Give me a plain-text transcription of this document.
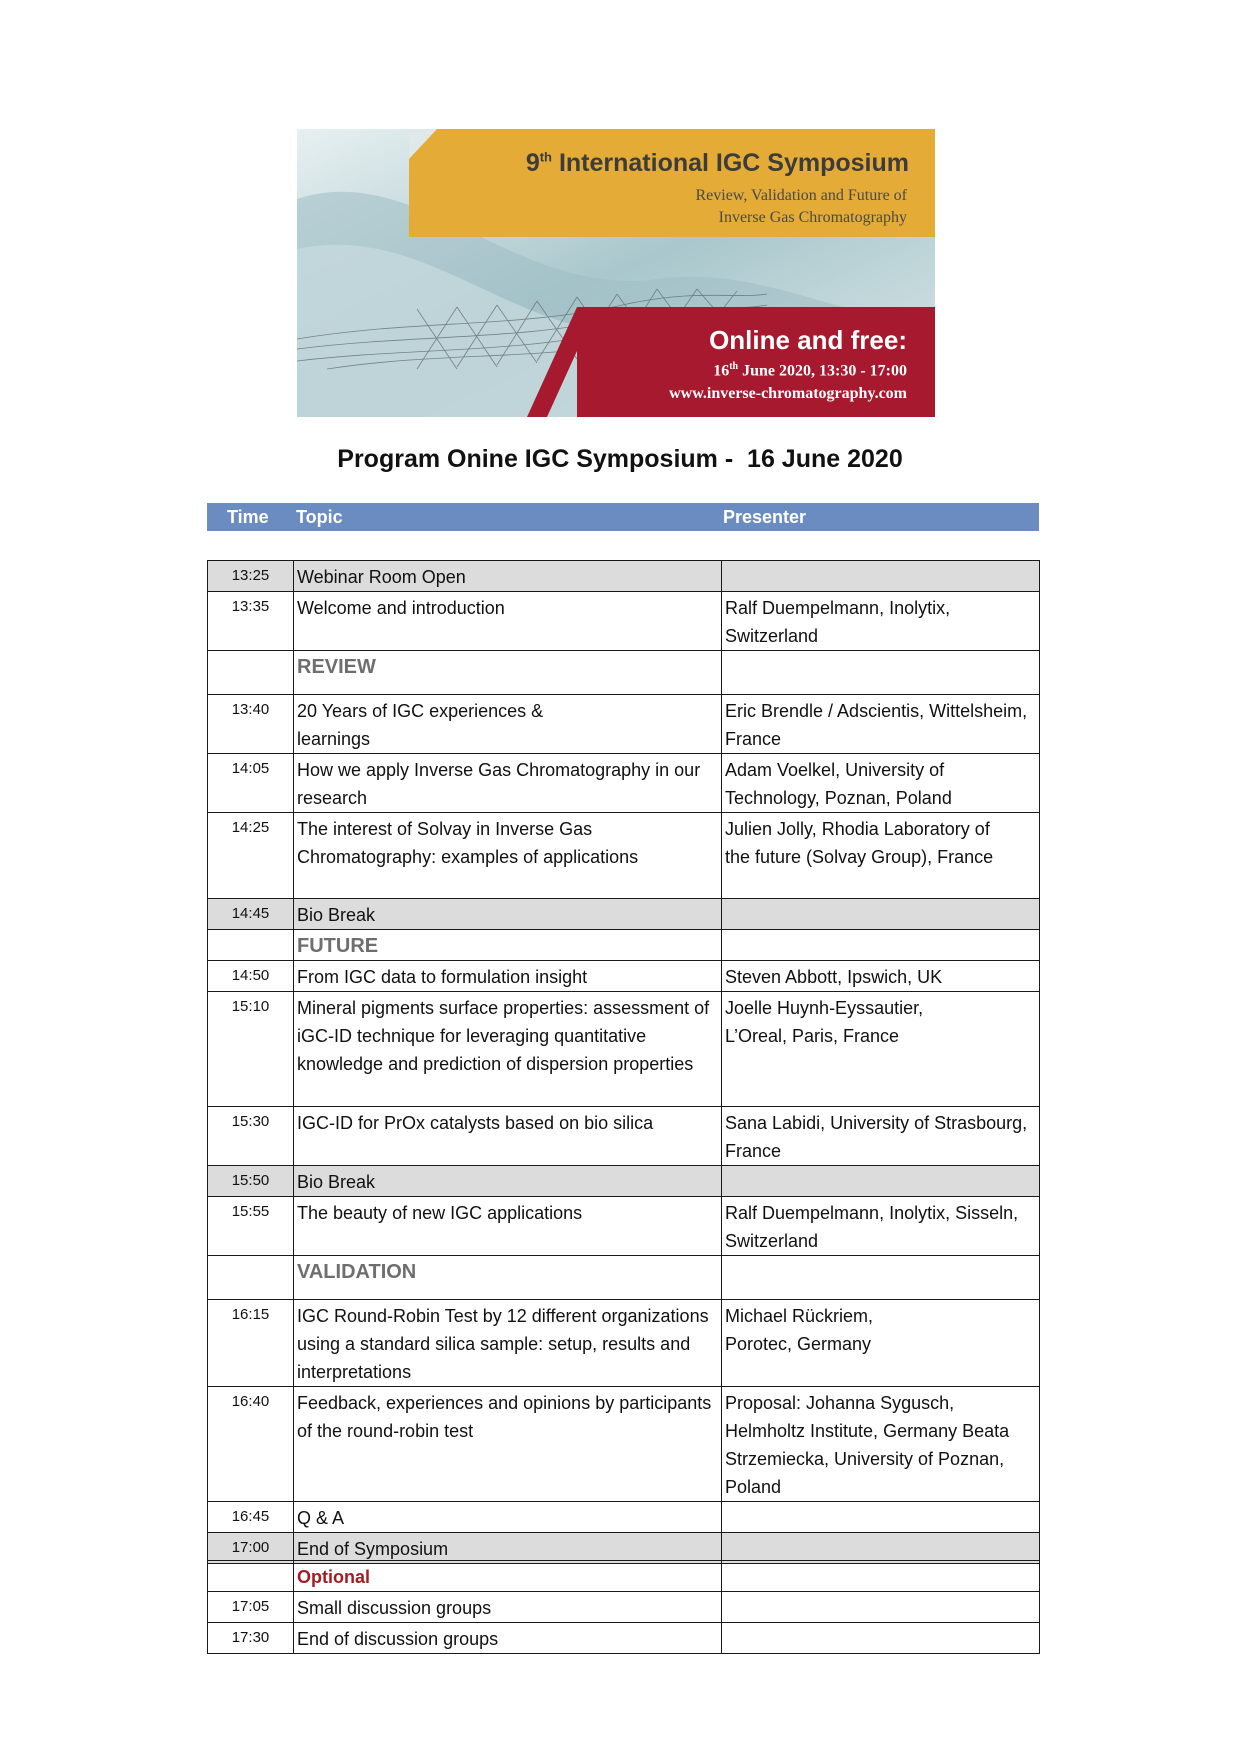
9th International IGC Symposium
Review, Validation and Future of
Inverse Gas Chromatography
Online and free:
16th June 2020, 13:30 - 17:00
www.inverse-chromatography.com
Program Onine IGC Symposium -  16 June 2020
Time Topic	Presenter
13:25	Webinar Room Open	
13:35	Welcome and introduction	Ralf Duempelmann, Inolytix, Switzerland
	REVIEW	
13:40	20 Years of IGC experiences & learnings	Eric Brendle / Adscientis, Wittelsheim, France
14:05	How we apply Inverse Gas Chromatography in our research	Adam Voelkel, University of Technology, Poznan, Poland
14:25	The interest of Solvay in Inverse Gas Chromatography: examples of applications	Julien Jolly, Rhodia Laboratory of the future (Solvay Group), France

14:45	Bio Break	
	FUTURE	
14:50	From IGC data to formulation insight	Steven Abbott, Ipswich, UK
15:10	Mineral pigments surface properties: assessment of iGC-ID technique for leveraging quantitative knowledge and prediction of dispersion properties	Joelle Huynh-Eyssautier, L’Oreal, Paris, France

15:30	IGC-ID for PrOx catalysts based on bio silica	Sana Labidi, University of Strasbourg, France
15:50	Bio Break	
15:55	The beauty of new IGC applications	Ralf Duempelmann, Inolytix, Sisseln, Switzerland
	VALIDATION	
16:15	IGC Round-Robin Test by 12 different organizations using a standard silica sample: setup, results and interpretations	Michael Rückriem, Porotec, Germany

16:40	Feedback, experiences and opinions by participants of the round-robin test	Proposal: Johanna Sygusch, Helmholtz Institute, Germany Beata Strzemiecka, University of Poznan, Poland

16:45	Q & A	
17:00	End of Symposium	
	Optional	
17:05	Small discussion groups	
17:30	End of discussion groups	
